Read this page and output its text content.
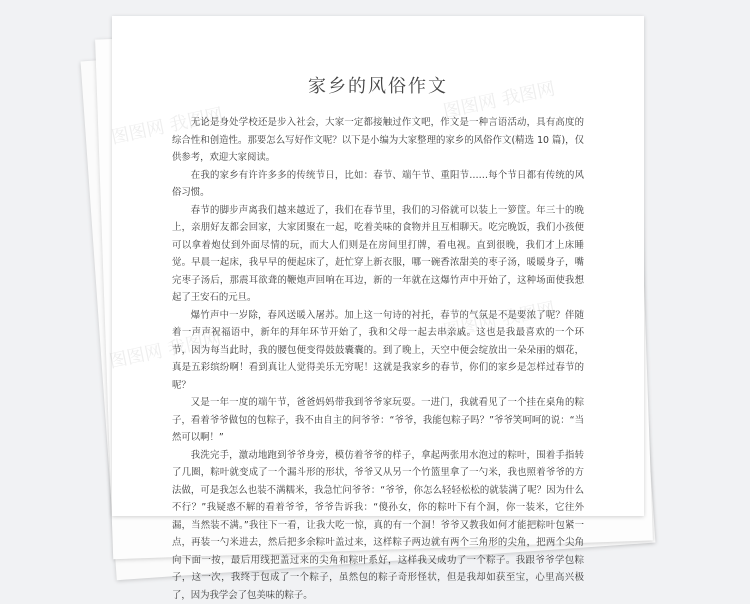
图图网 我图网
图图网 我图网
图图网 我图网
图图网 我图网
家乡的风俗作文

无论是身处学校还是步入社会，大家一定都接触过作文吧，作文是一种言语活动，具有高度的综合性和创造性。那要怎么写好作文呢？以下是小编为大家整理的家乡的风俗作文(精选 10 篇)，仅供参考，欢迎大家阅读。

在我的家乡有许许多多的传统节日，比如：春节、端午节、重阳节……每个节日都有传统的风俗习惯。

春节的脚步声离我们越来越近了，我们在春节里，我们的习俗就可以装上一箩筐。年三十的晚上，亲朋好友都会回家，大家团聚在一起，吃着美味的食物并且互相聊天。吃完晚饭，我们小孩便可以拿着炮仗到外面尽情的玩，而大人们则是在房间里打牌，看电视。直到很晚，我们才上床睡觉。早晨一起床，我早早的便起床了，赶忙穿上新衣服，哪一碗香浓甜美的枣子汤，暖暖身子，嘴完枣子汤后，那震耳欲聋的鞭炮声回响在耳边，新的一年就在这爆竹声中开始了，这种场面使我想起了王安石的元旦。

爆竹声中一岁除，春风送暖入屠苏。加上这一句诗的衬托，春节的气氛是不是要浓了呢？伴随着一声声祝福语中，新年的拜年环节开始了，我和父母一起去串亲戚。这也是我最喜欢的一个环节，因为每当此时，我的腰包便变得鼓鼓囊囊的。到了晚上，天空中便会绽放出一朵朵丽的烟花，真是五彩缤纷啊！看到真让人觉得美乐无穷呢！这就是我家乡的春节，你们的家乡是怎样过春节的呢？

又是一年一度的端午节，爸爸妈妈带我到爷爷家玩耍。一进门，我就看见了一个挂在桌角的粽子，看着爷爷做包的包粽子，我不由自主的问爷爷：“爷爷，我能包粽子吗？”爷爷笑呵呵的说：“当然可以啊！”

我洗完手，激动地跑到爷爷身旁，模仿着爷爷的样子，拿起两张用水泡过的粽叶，围着手指转了几圈，粽叶就变成了一个漏斗形的形状，爷爷又从另一个竹篮里拿了一勺米，我也照着爷爷的方法做，可是我怎么也装不满糯米，我急忙问爷爷：“爷爷，你怎么轻轻松松的就装满了呢？因为什么不行？”我疑惑不解的看着爷爷，爷爷告诉我：“傻孙女，你的粽叶下有个洞，你一装米，它往外漏，当然装不满。”我往下一看，让我大吃一惊，真的有一个洞！爷爷又教我如何才能把粽叶包紧一点，再装一勺米进去，然后把多余粽叶盖过来，这样粽子两边就有两个三角形的尖角，把两个尖角向下面一按，最后用线把盖过来的尖角和粽叶系好，这样我又成功了一个粽子。我跟爷爷学包粽子，这一次，我终于包成了一个粽子，虽然包的粽子奇形怪状，但是我却如获至宝，心里高兴极了，因为我学会了包美味的粽子。
